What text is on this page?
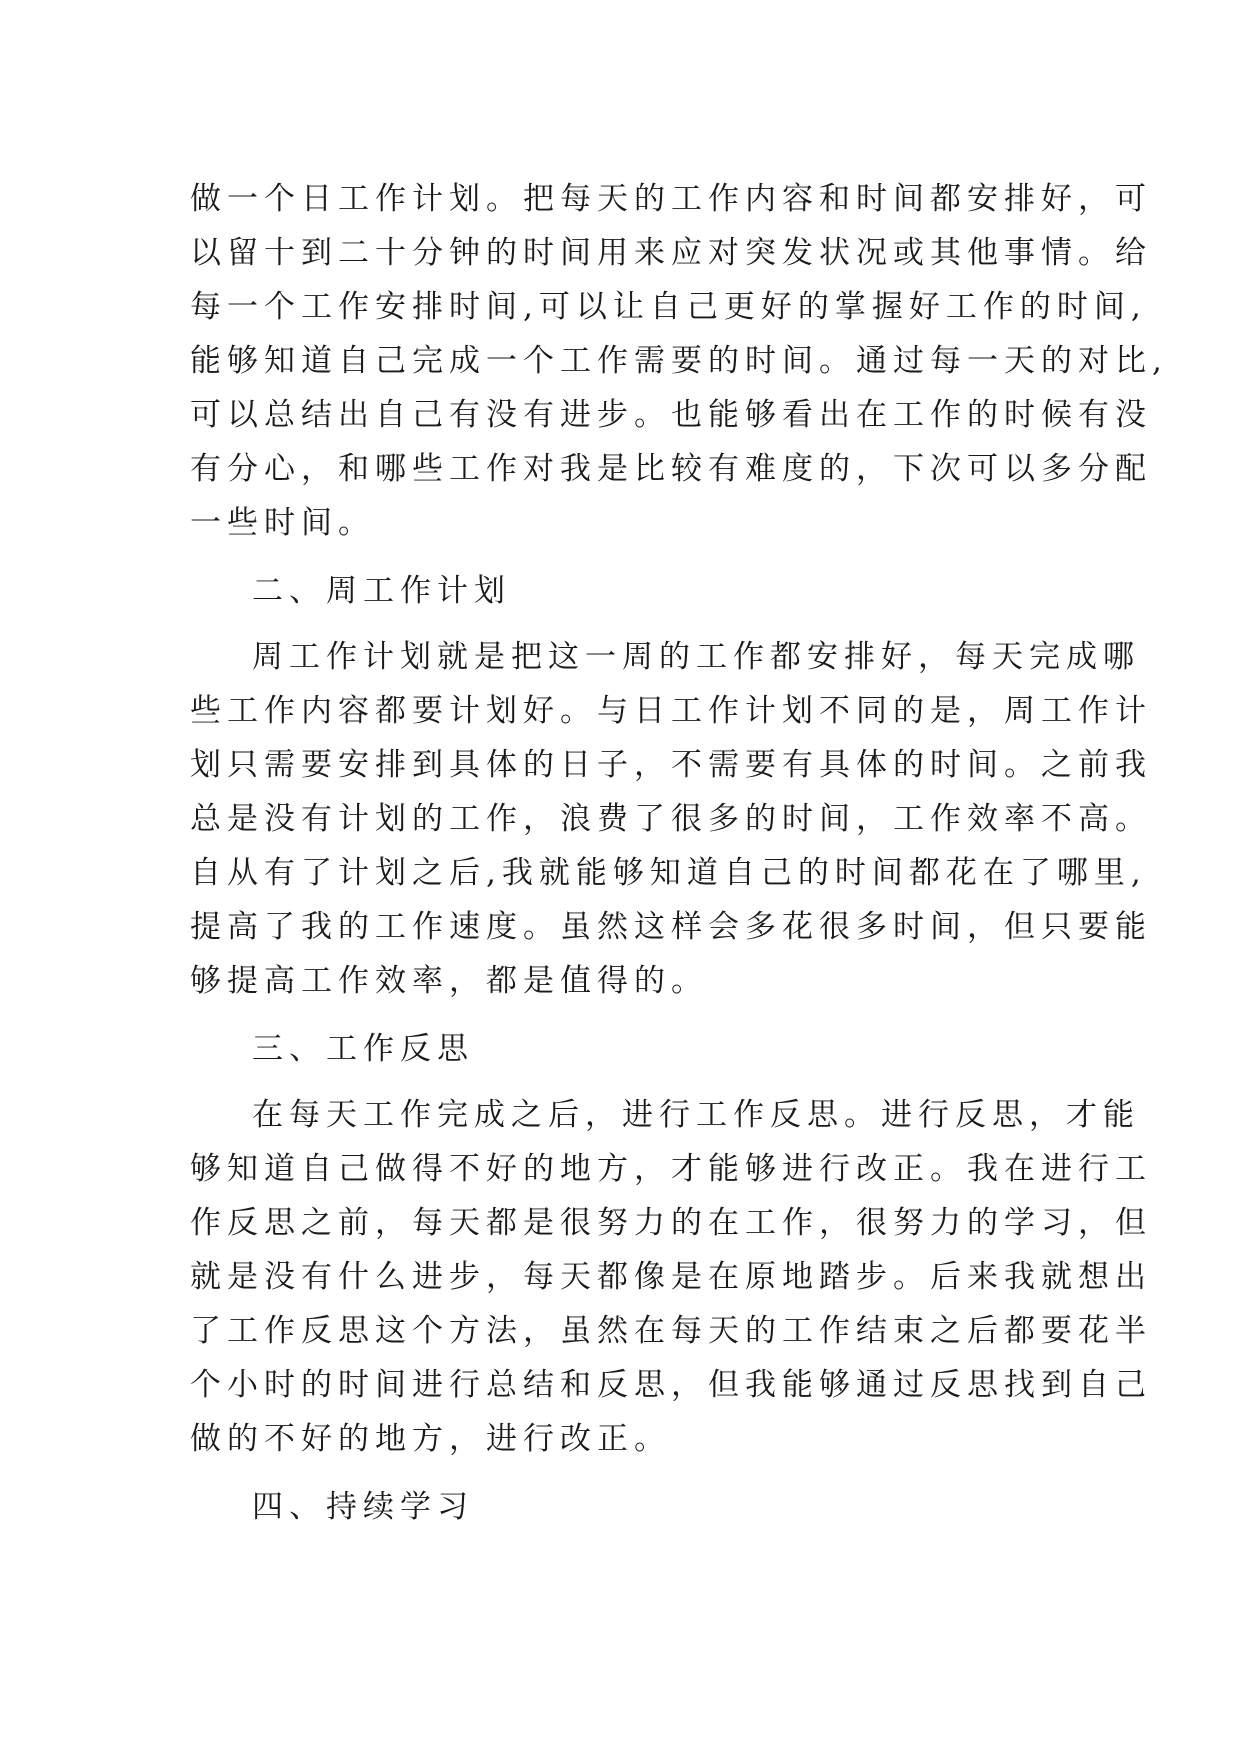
做一个日工作计划。把每天的工作内容和时间都安排好，可

以留十到二十分钟的时间用来应对突发状况或其他事情。给

每一个工作安排时间,可以让自己更好的掌握好工作的时间,

能够知道自己完成一个工作需要的时间。通过每一天的对比,

可以总结出自己有没有进步。也能够看出在工作的时候有没

有分心，和哪些工作对我是比较有难度的，下次可以多分配

一些时间。

二、周工作计划

周工作计划就是把这一周的工作都安排好，每天完成哪

些工作内容都要计划好。与日工作计划不同的是，周工作计

划只需要安排到具体的日子，不需要有具体的时间。之前我

总是没有计划的工作，浪费了很多的时间，工作效率不高。

自从有了计划之后,我就能够知道自己的时间都花在了哪里,

提高了我的工作速度。虽然这样会多花很多时间，但只要能

够提高工作效率，都是值得的。

三、工作反思

在每天工作完成之后，进行工作反思。进行反思，才能

够知道自己做得不好的地方，才能够进行改正。我在进行工

作反思之前，每天都是很努力的在工作，很努力的学习，但

就是没有什么进步，每天都像是在原地踏步。后来我就想出

了工作反思这个方法，虽然在每天的工作结束之后都要花半

个小时的时间进行总结和反思，但我能够通过反思找到自己

做的不好的地方，进行改正。

四、持续学习
